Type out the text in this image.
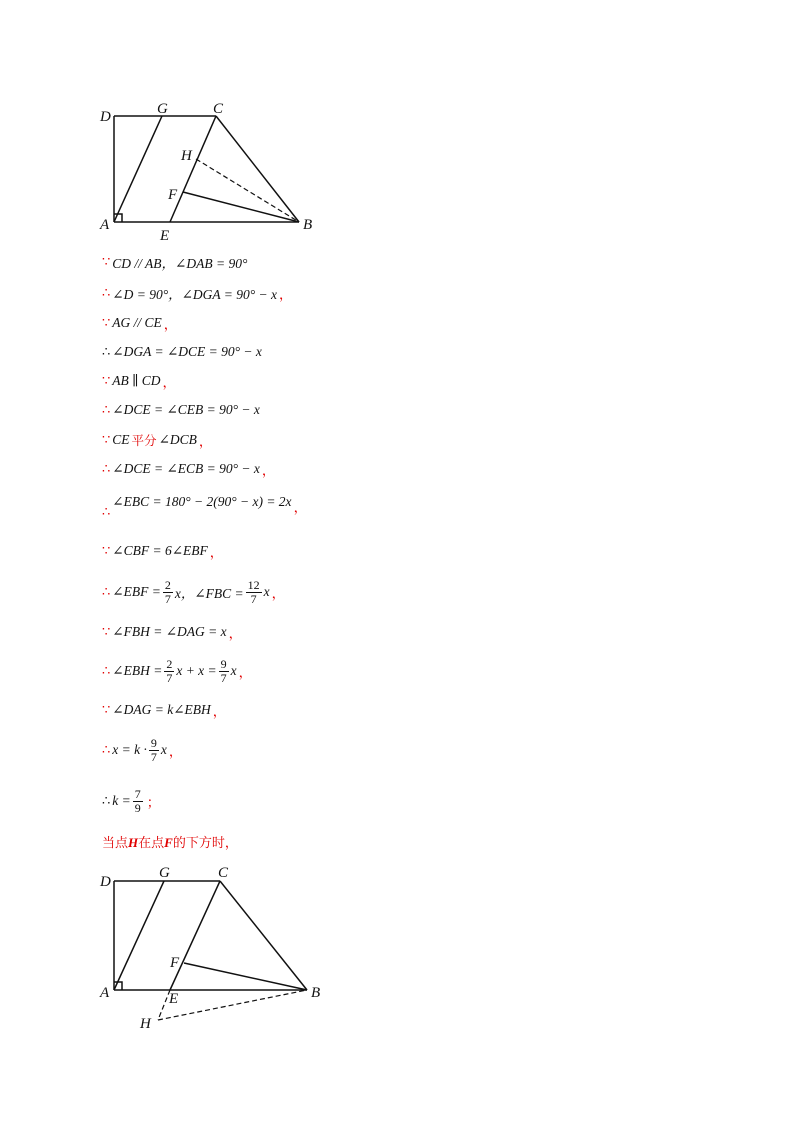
D	G	C
H
F
A
E
B
∵ CD // AB，∠DAB = 90°
∴ ∠D = 90°，∠DGA = 90° − x ，
∵ AG // CE ，
∴ ∠DGA = ∠DCE = 90° − x
∵ AB ∥ CD ，
∴ ∠DCE = ∠CEB = 90° − x
∵ CE 平分 ∠DCB ，
∴ ∠DCE = ∠ECB = 90° − x ，
∴
∠EBC = 180° − 2(90° − x) = 2x ，
∵ ∠CBF = 6∠EBF ，
∴ ∠EBF = $\frac{2}{7}$ x，∠FBC = $\frac{12}{7}$ x ，
∵ ∠FBH = ∠DAG = x ，
∴ ∠EBH = $\frac{2}{7}$ $x + x = \frac{9}{7}$ x ，
∵ ∠DAG = k∠EBH ，
∴ $x = k \cdot \frac{9}{7}$ x ，
∴ $k = \frac{7}{9}$ ；
当点H在点F的下方时，
D
G	C
F
A	E	B
H
